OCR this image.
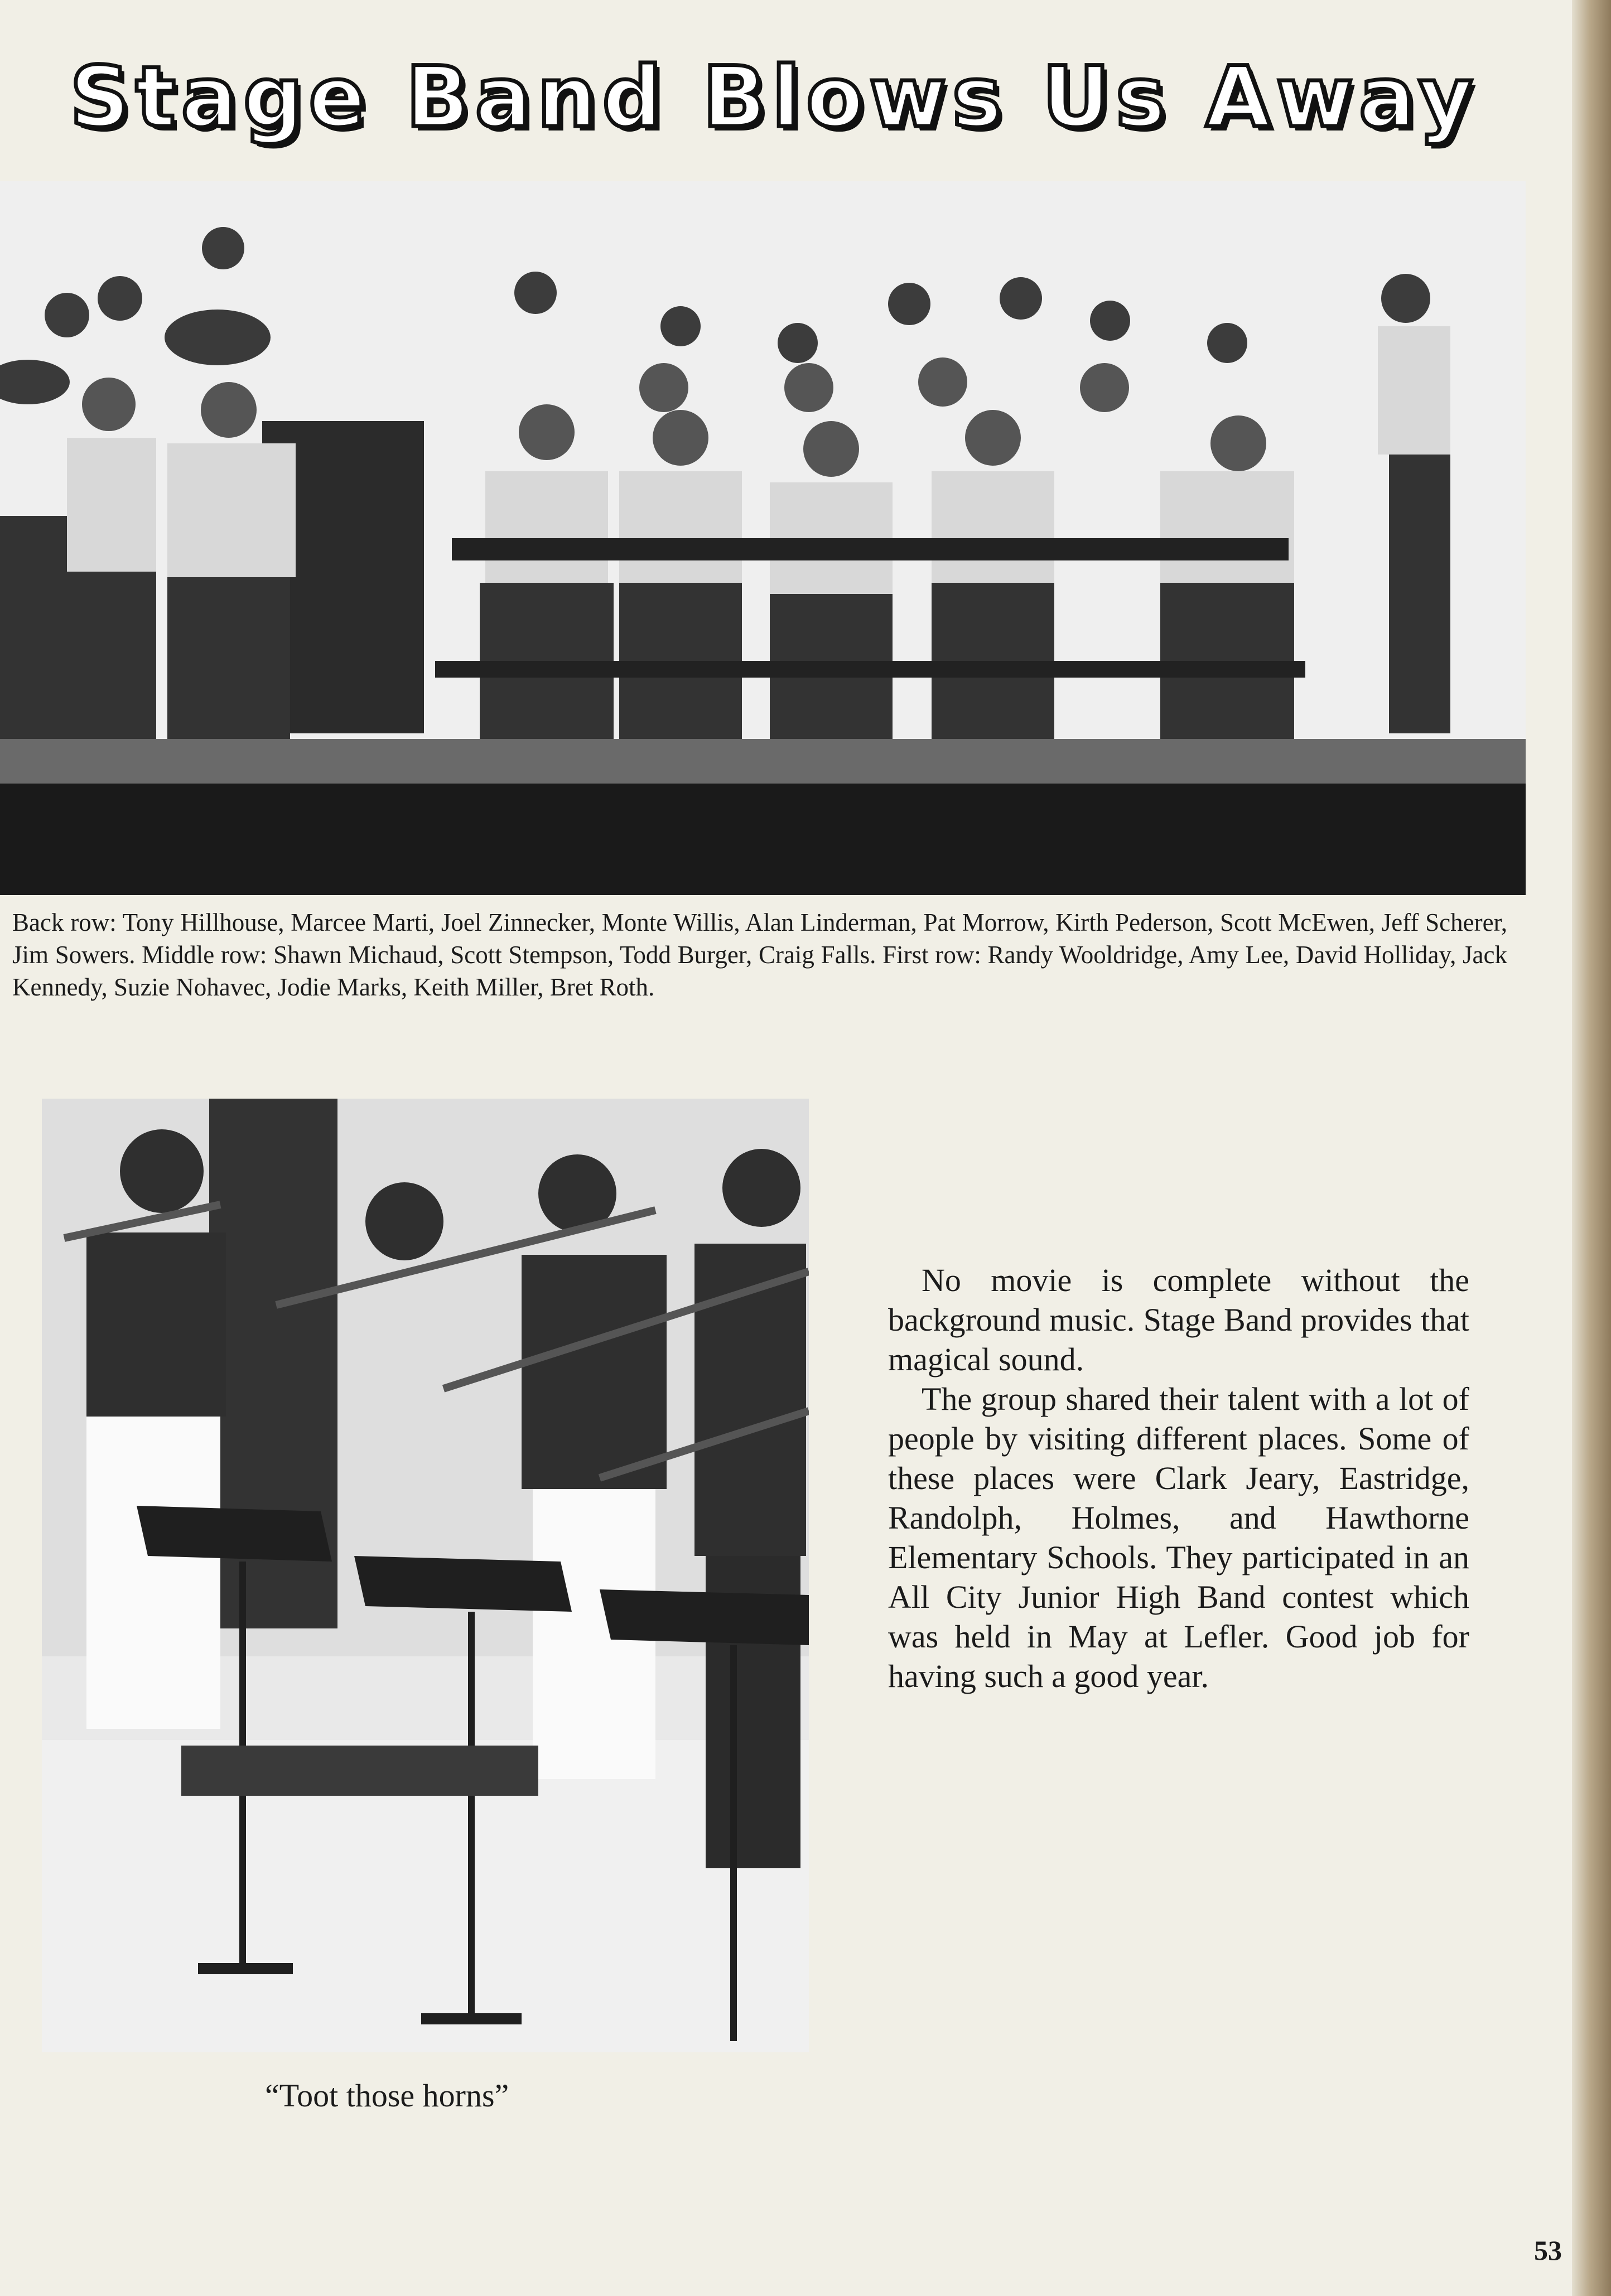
Stage Band Blows Us Away
Back row: Tony Hillhouse, Marcee Marti, Joel Zinnecker, Monte Willis, Alan Linderman, Pat Morrow, Kirth Pederson, Scott McEwen, Jeff Scherer, Jim Sowers. Middle row: Shawn Michaud, Scott Stempson, Todd Burger, Craig Falls. First row: Randy Wooldridge, Amy Lee, David Holliday, Jack Kennedy, Suzie Nohavec, Jodie Marks, Keith Miller, Bret Roth.
“Toot those horns”

No movie is complete without the background music. Stage Band provides that magical sound.

The group shared their talent with a lot of people by visiting different places. Some of these places were Clark Jeary, Eastridge, Randolph, Holmes, and Hawthorne Elementary Schools. They participated in an All City Junior High Band contest which was held in May at Lefler. Good job for having such a good year.

53
